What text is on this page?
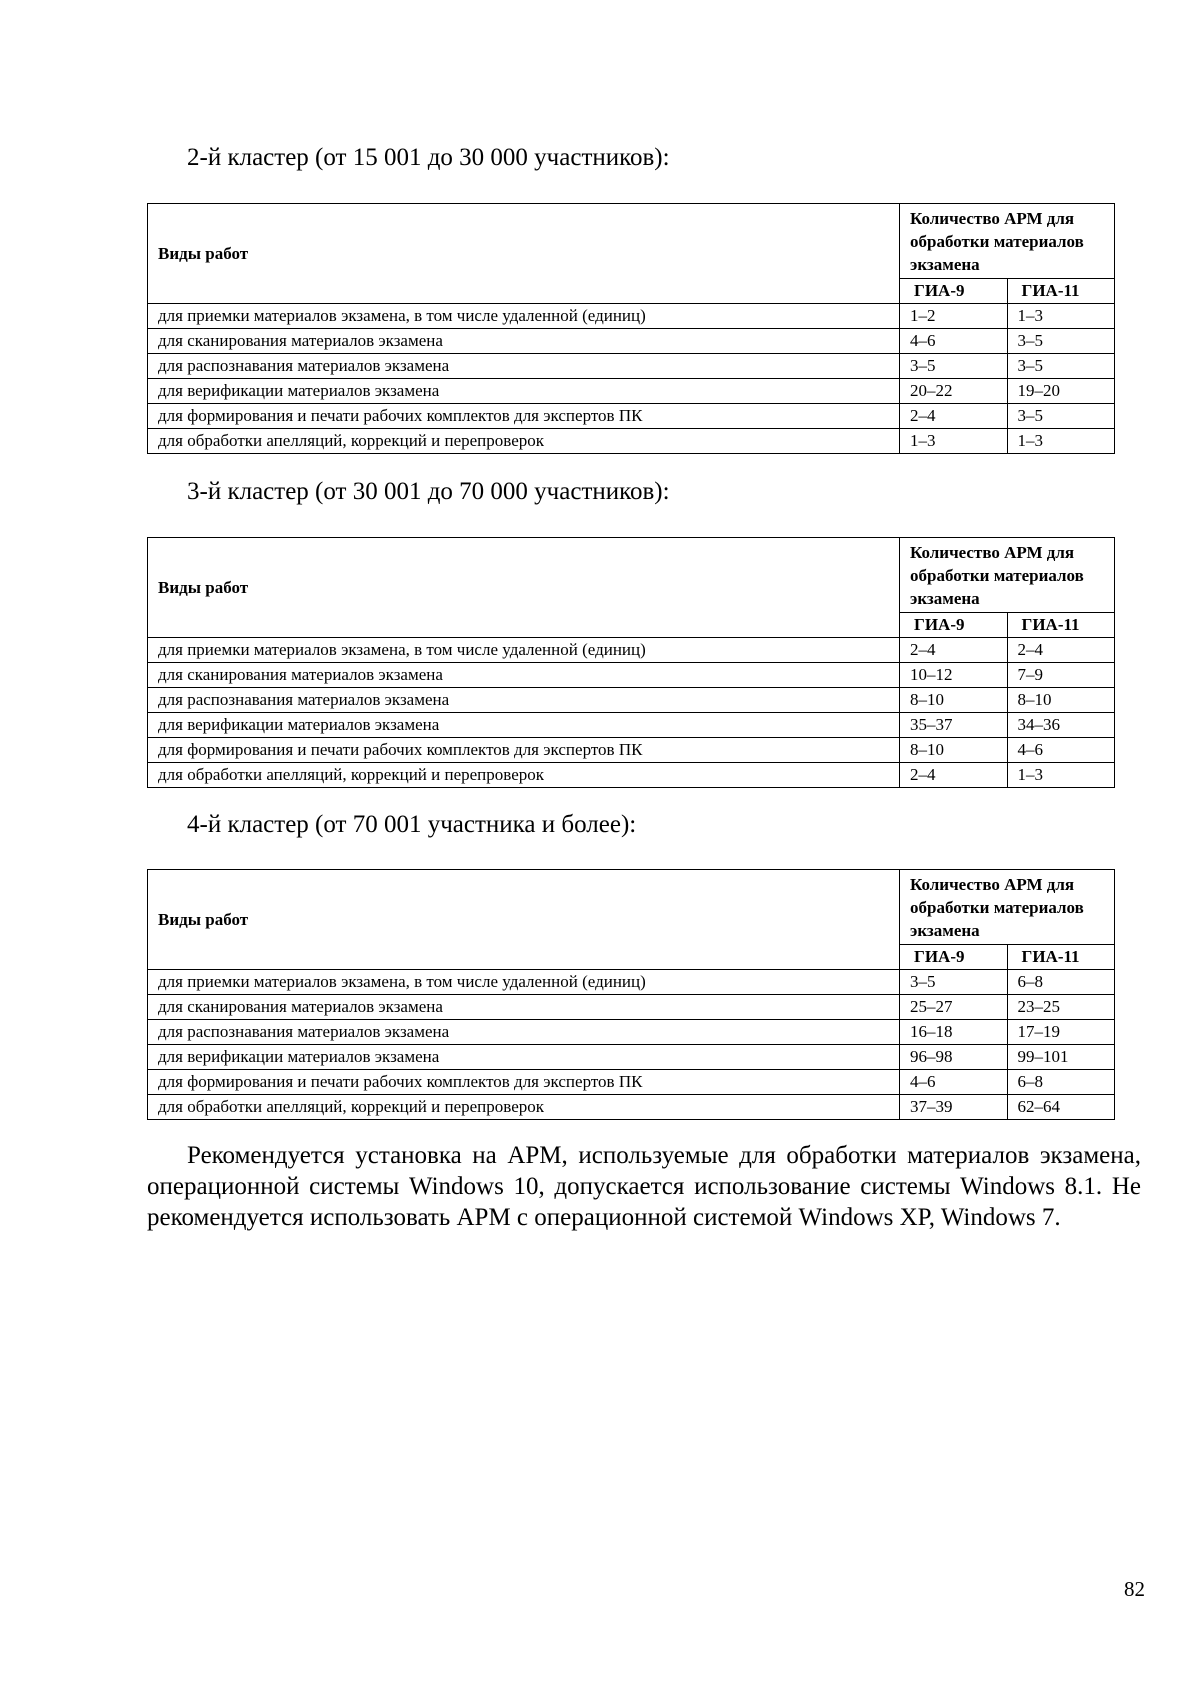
2-й кластер (от 15 001 до 30 000 участников):
Виды работ	Количество АРМ для
обработки материалов
экзамена	

	ГИА-9	ГИА-11
для приемки материалов экзамена, в том числе удаленной (единиц)	1–2	1–3
для сканирования материалов экзамена	4–6	3–5
для распознавания материалов экзамена	3–5	3–5
для верификации материалов экзамена	20–22	19–20
для формирования и печати рабочих комплектов для экспертов ПК	2–4	3–5
для обработки апелляций, коррекций и перепроверок	1–3	1–3
3-й кластер (от 30 001 до 70 000 участников):
Виды работ	Количество АРМ для
обработки материалов
экзамена	

	ГИА-9	ГИА-11
для приемки материалов экзамена, в том числе удаленной (единиц)	2–4	2–4
для сканирования материалов экзамена	10–12	7–9
для распознавания материалов экзамена	8–10	8–10
для верификации материалов экзамена	35–37	34–36
для формирования и печати рабочих комплектов для экспертов ПК	8–10	4–6
для обработки апелляций, коррекций и перепроверок	2–4	1–3
4-й кластер (от 70 001 участника и более):
Виды работ	Количество АРМ для
обработки материалов
экзамена	

	ГИА-9	ГИА-11
для приемки материалов экзамена, в том числе удаленной (единиц)	3–5	6–8
для сканирования материалов экзамена	25–27	23–25
для распознавания материалов экзамена	16–18	17–19
для верификации материалов экзамена	96–98	99–101
для формирования и печати рабочих комплектов для экспертов ПК	4–6	6–8
для обработки апелляций, коррекций и перепроверок	37–39	62–64
Рекомендуется установка на АРМ, используемые для обработки материалов экзамена, операционной системы Windows 10, допускается использование системы Windows 8.1. Не рекомендуется использовать АРМ с операционной системой Windows XP, Windows 7.
82
